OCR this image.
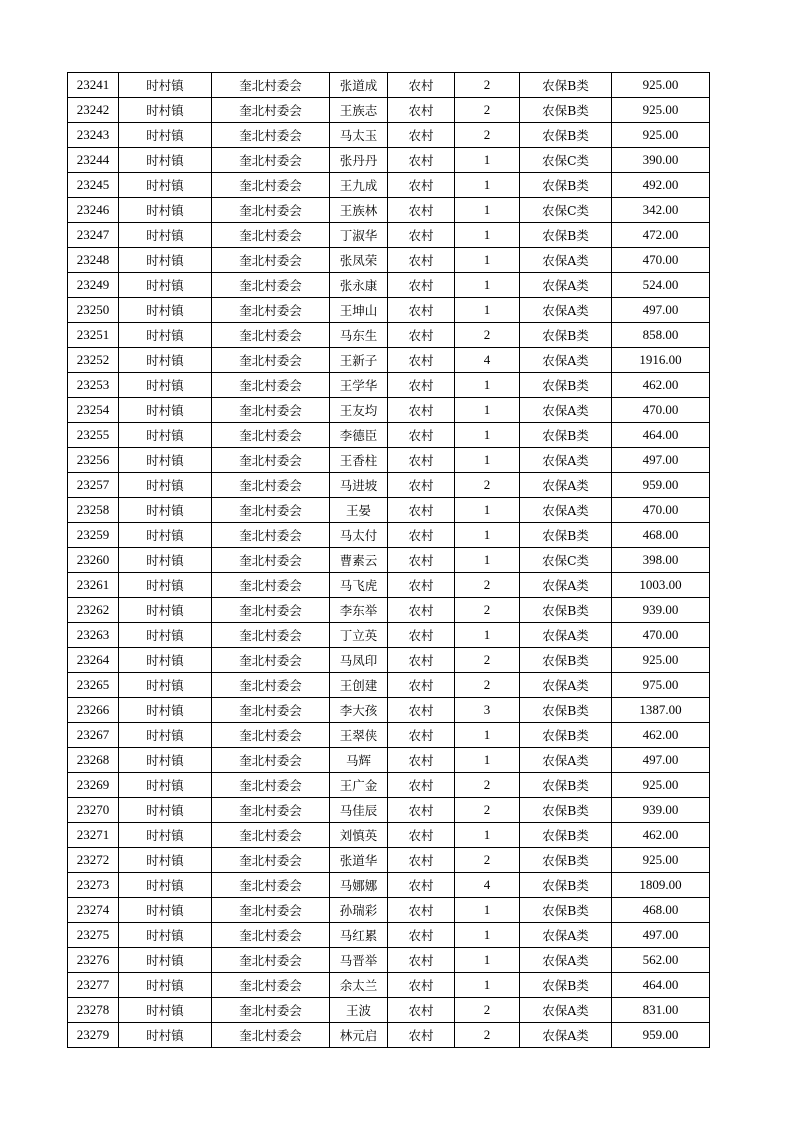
23241	时村镇	奎北村委会	张道成	农村	2	农保B类	925.00
23242	时村镇	奎北村委会	王族志	农村	2	农保B类	925.00
23243	时村镇	奎北村委会	马太玉	农村	2	农保B类	925.00
23244	时村镇	奎北村委会	张丹丹	农村	1	农保C类	390.00
23245	时村镇	奎北村委会	王九成	农村	1	农保B类	492.00
23246	时村镇	奎北村委会	王族林	农村	1	农保C类	342.00
23247	时村镇	奎北村委会	丁淑华	农村	1	农保B类	472.00
23248	时村镇	奎北村委会	张凤荣	农村	1	农保A类	470.00
23249	时村镇	奎北村委会	张永康	农村	1	农保A类	524.00
23250	时村镇	奎北村委会	王坤山	农村	1	农保A类	497.00
23251	时村镇	奎北村委会	马东生	农村	2	农保B类	858.00
23252	时村镇	奎北村委会	王新子	农村	4	农保A类	1916.00
23253	时村镇	奎北村委会	王学华	农村	1	农保B类	462.00
23254	时村镇	奎北村委会	王友均	农村	1	农保A类	470.00
23255	时村镇	奎北村委会	李德臣	农村	1	农保B类	464.00
23256	时村镇	奎北村委会	王香柱	农村	1	农保A类	497.00
23257	时村镇	奎北村委会	马进坡	农村	2	农保A类	959.00
23258	时村镇	奎北村委会	王晏	农村	1	农保A类	470.00
23259	时村镇	奎北村委会	马太付	农村	1	农保B类	468.00
23260	时村镇	奎北村委会	曹素云	农村	1	农保C类	398.00
23261	时村镇	奎北村委会	马飞虎	农村	2	农保A类	1003.00
23262	时村镇	奎北村委会	李东举	农村	2	农保B类	939.00
23263	时村镇	奎北村委会	丁立英	农村	1	农保A类	470.00
23264	时村镇	奎北村委会	马凤印	农村	2	农保B类	925.00
23265	时村镇	奎北村委会	王创建	农村	2	农保A类	975.00
23266	时村镇	奎北村委会	李大孩	农村	3	农保B类	1387.00
23267	时村镇	奎北村委会	王翠侠	农村	1	农保B类	462.00
23268	时村镇	奎北村委会	马辉	农村	1	农保A类	497.00
23269	时村镇	奎北村委会	王广金	农村	2	农保B类	925.00
23270	时村镇	奎北村委会	马佳辰	农村	2	农保B类	939.00
23271	时村镇	奎北村委会	刘慎英	农村	1	农保B类	462.00
23272	时村镇	奎北村委会	张道华	农村	2	农保B类	925.00
23273	时村镇	奎北村委会	马娜娜	农村	4	农保B类	1809.00
23274	时村镇	奎北村委会	孙瑞彩	农村	1	农保B类	468.00
23275	时村镇	奎北村委会	马红累	农村	1	农保A类	497.00
23276	时村镇	奎北村委会	马晋举	农村	1	农保A类	562.00
23277	时村镇	奎北村委会	余太兰	农村	1	农保B类	464.00
23278	时村镇	奎北村委会	王波	农村	2	农保A类	831.00
23279	时村镇	奎北村委会	林元启	农村	2	农保A类	959.00
